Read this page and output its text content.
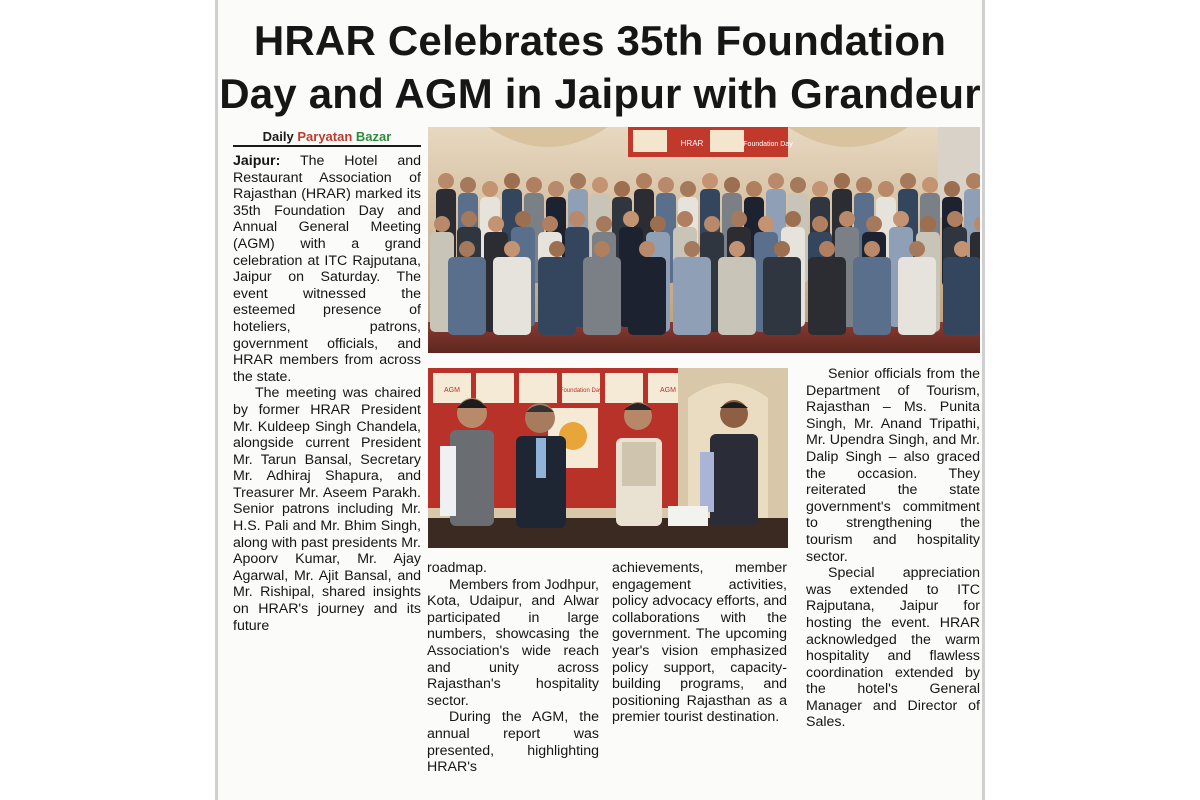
HRAR Celebrates 35th Foundation Day and AGM in Jaipur with Grandeur
Daily Paryatan Bazar	HRAR	Foundation Day
AGM	Foundation Day	AGM

Jaipur: The Hotel and Restaurant Association of Rajasthan (HRAR) marked its 35th Foundation Day and Annual General Meeting (AGM) with a grand celebration at ITC Rajputana, Jaipur on Saturday. The event witnessed the esteemed presence of hoteliers, patrons, government officials, and HRAR members from across the state.

The meeting was chaired by former HRAR President Mr. Kuldeep Singh Chandela, alongside current President Mr. Tarun Bansal, Secretary Mr. Adhiraj Shapura, and Treasurer Mr. Aseem Parakh. Senior patrons including Mr. H.S. Pali and Mr. Bhim Singh, along with past presidents Mr. Apoorv Kumar, Mr. Ajay Agarwal, Mr. Ajit Bansal, and Mr. Rishipal, shared insights on HRAR's journey and its future

roadmap.

Members from Jodhpur, Kota, Udaipur, and Alwar participated in large numbers, showcasing the Association's wide reach and unity across Rajasthan's hospitality sector.

During the AGM, the annual report was presented, highlighting HRAR's

achievements, member engagement activities, policy advocacy efforts, and collaborations with the government. The upcoming year's vision emphasized policy support, capacity-building programs, and positioning Rajasthan as a premier tourist destination.

Senior officials from the Department of Tourism, Rajasthan – Ms. Punita Singh, Mr. Anand Tripathi, Mr. Upendra Singh, and Mr. Dalip Singh – also graced the occasion. They reiterated the state government's commitment to strengthening the tourism and hospitality sector.

Special appreciation was extended to ITC Rajputana, Jaipur for hosting the event. HRAR acknowledged the warm hospitality and flawless coordination extended by the hotel's General Manager and Director of Sales.
